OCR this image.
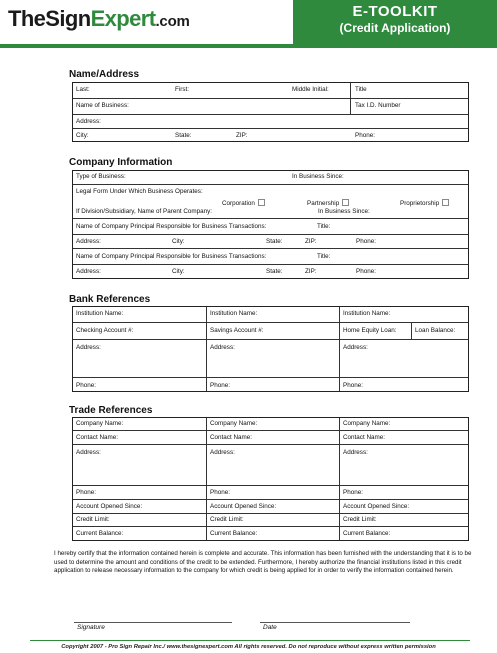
TheSignExpert.com
E-TOOLKIT
(Credit Application)
Name/Address
Last:	First:	Middle Initial:	Title
Name of Business:	Tax I.D. Number
Address:
City:	State:	ZIP:	Phone:
Company Information
Type of Business:	In Business Since:
Legal Form Under Which Business Operates:
Corporation	Partnership	Proprietorship
If Division/Subsidiary, Name of Parent Company:	In Business Since:
Name of Company Principal Responsible for Business Transactions:	Title:
Address:	City:	State:	ZIP:	Phone:
Name of Company Principal Responsible for Business Transactions:	Title:
Address:	City:	State:	ZIP:	Phone:
Bank References
Institution Name:	Institution Name:	Institution Name:
Checking Account #:	Savings Account #:	Home Equity Loan:	Loan Balance:
Address:	Address:	Address:
Phone:	Phone:	Phone:
Trade References
Company Name:	Company Name:	Company Name:
Contact Name:	Contact Name:	Contact Name:
Address:	Address:	Address:
Phone:	Phone:	Phone:
Account Opened Since:	Account Opened Since:	Account Opened Since:
Credit Limit:	Credit Limit:	Credit Limit:
Current Balance:	Current Balance:	Current Balance:
I hereby certify that the information contained herein is complete and accurate. This information has been furnished with the understanding that it is to be used to determine the amount and conditions of the credit to be extended. Furthermore, I hereby authorize the financial institutions listed in this credit application to release necessary information to the company for which credit is being applied for in order to verify the information contained herein.
Signature	Date
Copyright 2007 - Pro Sign Repair Inc./ www.thesignexpert.com All rights reserved. Do not reproduce without express written permission
